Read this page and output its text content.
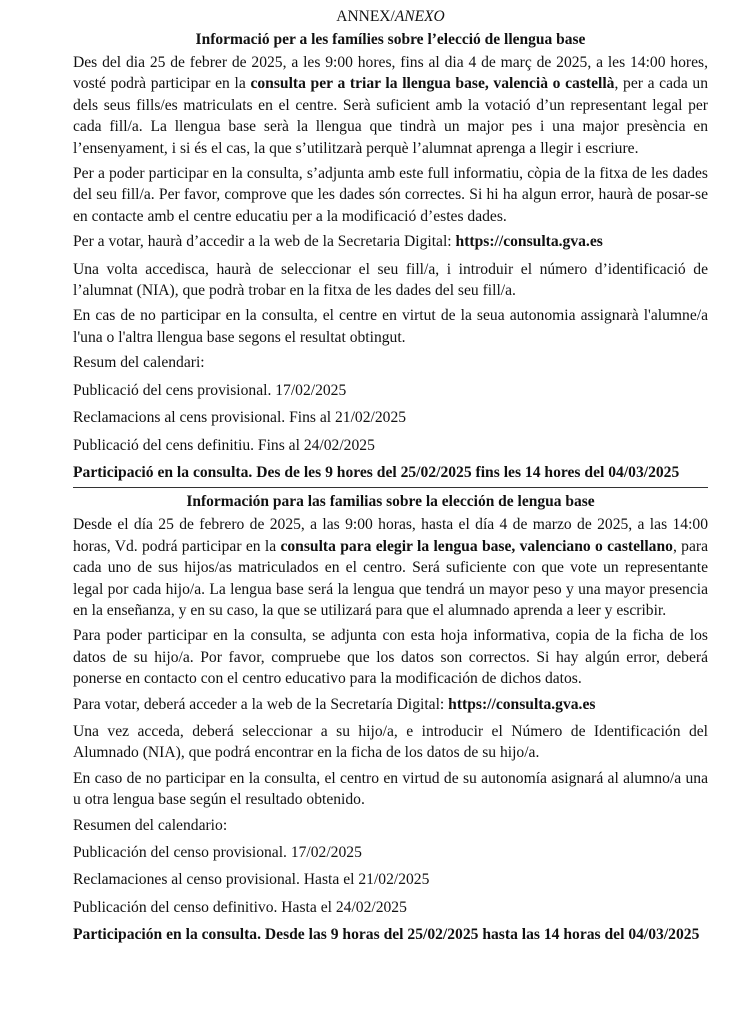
ANNEX/ANEXO
Informació per a les famílies sobre l’elecció de llengua base

Des del dia 25 de febrer de 2025, a les 9:00 hores, fins al dia 4 de març de 2025, a les 14:00 hores, vosté podrà participar en la consulta per a triar la llengua base, valencià o castellà, per a cada un dels seus fills/es matriculats en el centre. Serà suficient amb la votació d’un representant legal per cada fill/a. La llengua base serà la llengua que tindrà un major pes i una major presència en l’ensenyament, i si és el cas, la que s’utilitzarà perquè l’alumnat aprenga a llegir i escriure.

Per a poder participar en la consulta, s’adjunta amb este full informatiu, còpia de la fitxa de les dades del seu fill/a. Per favor, comprove que les dades són correctes. Si hi ha algun error, haurà de posar-se en contacte amb el centre educatiu per a la modificació d’estes dades.

Per a votar, haurà d’accedir a la web de la Secretaria Digital: https://consulta.gva.es

Una volta accedisca, haurà de seleccionar el seu fill/a, i introduir el número d’identificació de l’alumnat (NIA), que podrà trobar en la fitxa de les dades del seu fill/a.

En cas de no participar en la consulta, el centre en virtut de la seua autonomia assignarà l'alumne/a l'una o l'altra llengua base segons el resultat obtingut.

Resum del calendari:

Publicació del cens provisional. 17/02/2025

Reclamacions al cens provisional. Fins al 21/02/2025

Publicació del cens definitiu. Fins al 24/02/2025

Participació en la consulta. Des de les 9 hores del 25/02/2025 fins les 14 hores del 04/03/2025

Información para las familias sobre la elección de lengua base

Desde el día 25 de febrero de 2025, a las 9:00 horas, hasta el día 4 de marzo de 2025, a las 14:00 horas, Vd. podrá participar en la consulta para elegir la lengua base, valenciano o castellano, para cada uno de sus hijos/as matriculados en el centro. Será suficiente con que vote un representante legal por cada hijo/a. La lengua base será la lengua que tendrá un mayor peso y una mayor presencia en la enseñanza, y en su caso, la que se utilizará para que el alumnado aprenda a leer y escribir.

Para poder participar en la consulta, se adjunta con esta hoja informativa, copia de la ficha de los datos de su hijo/a. Por favor, compruebe que los datos son correctos. Si hay algún error, deberá ponerse en contacto con el centro educativo para la modificación de dichos datos.

Para votar, deberá acceder a la web de la Secretaría Digital: https://consulta.gva.es

Una vez acceda, deberá seleccionar a su hijo/a, e introducir el Número de Identificación del Alumnado (NIA), que podrá encontrar en la ficha de los datos de su hijo/a.

En caso de no participar en la consulta, el centro en virtud de su autonomía asignará al alumno/a una u otra lengua base según el resultado obtenido.

Resumen del calendario:

Publicación del censo provisional. 17/02/2025

Reclamaciones al censo provisional. Hasta el 21/02/2025

Publicación del censo definitivo. Hasta el 24/02/2025

Participación en la consulta. Desde las 9 horas del 25/02/2025 hasta las 14 horas del 04/03/2025
